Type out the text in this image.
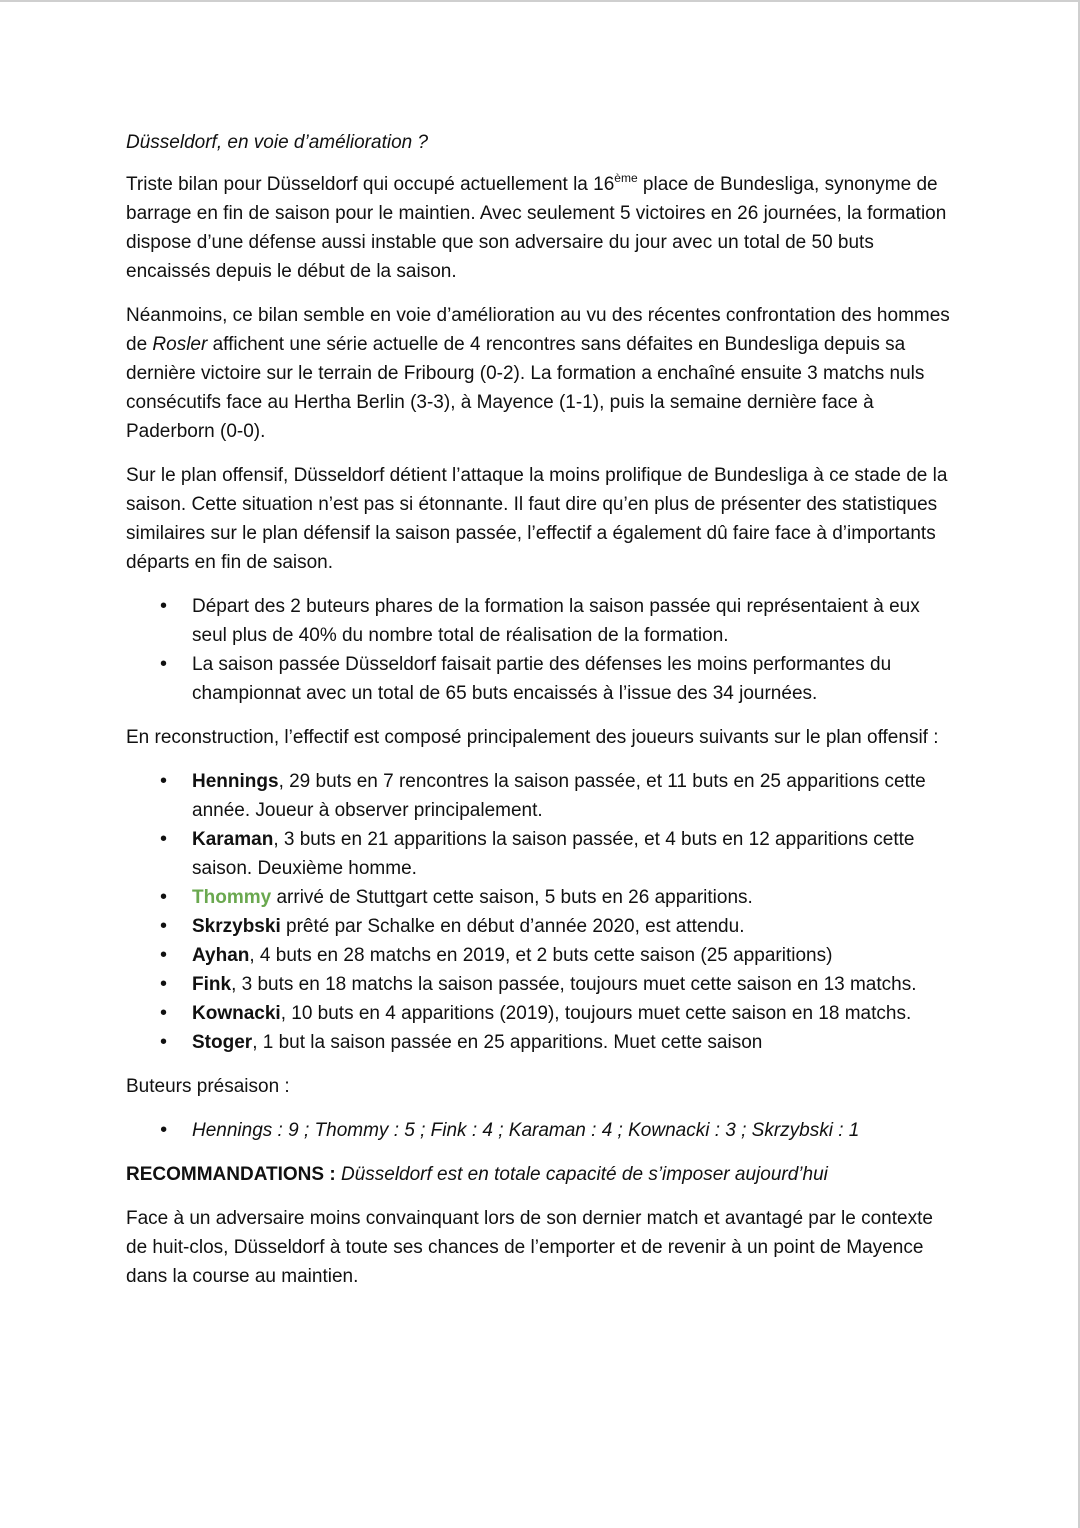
Düsseldorf, en voie d’amélioration ?

Triste bilan pour Düsseldorf qui occupé actuellement la 16ème place de Bundesliga, synonyme de barrage en fin de saison pour le maintien. Avec seulement 5 victoires en 26 journées, la formation dispose d’une défense aussi instable que son adversaire du jour avec un total de 50 buts encaissés depuis le début de la saison.

Néanmoins, ce bilan semble en voie d’amélioration au vu des récentes confrontation des hommes de Rosler affichent une série actuelle de 4 rencontres sans défaites en Bundesliga depuis sa dernière victoire sur le terrain de Fribourg (0-2). La formation a enchaîné ensuite 3 matchs nuls consécutifs face au Hertha Berlin (3-3), à Mayence (1-1), puis la semaine dernière face à Paderborn (0-0).

Sur le plan offensif, Düsseldorf détient l’attaque la moins prolifique de Bundesliga à ce stade de la saison. Cette situation n’est pas si étonnante. Il faut dire qu’en plus de présenter des statistiques similaires sur le plan défensif la saison passée, l’effectif a également dû faire face à d’importants départs en fin de saison.

• Départ des 2 buteurs phares de la formation la saison passée qui représentaient à eux seul plus de 40% du nombre total de réalisation de la formation.
• La saison passée Düsseldorf faisait partie des défenses les moins performantes du championnat avec un total de 65 buts encaissés à l’issue des 34 journées.

En reconstruction, l’effectif est composé principalement des joueurs suivants sur le plan offensif :

• Hennings, 29 buts en 7 rencontres la saison passée, et 11 buts en 25 apparitions cette année. Joueur à observer principalement.
• Karaman, 3 buts en 21 apparitions la saison passée, et 4 buts en 12 apparitions cette saison. Deuxième homme.
• Thommy arrivé de Stuttgart cette saison, 5 buts en 26 apparitions.
• Skrzybski prêté par Schalke en début d’année 2020, est attendu.
• Ayhan, 4 buts en 28 matchs en 2019, et 2 buts cette saison (25 apparitions)
• Fink, 3 buts en 18 matchs la saison passée, toujours muet cette saison en 13 matchs.
• Kownacki, 10 buts en 4 apparitions (2019), toujours muet cette saison en 18 matchs.
• Stoger, 1 but la saison passée en 25 apparitions. Muet cette saison

Buteurs présaison :

• Hennings : 9 ; Thommy : 5 ; Fink : 4 ; Karaman : 4 ; Kownacki : 3 ; Skrzybski : 1

RECOMMANDATIONS : Düsseldorf est en totale capacité de s’imposer aujourd’hui

Face à un adversaire moins convainquant lors de son dernier match et avantagé par le contexte de huit-clos, Düsseldorf à toute ses chances de l’emporter et de revenir à un point de Mayence dans la course au maintien.
